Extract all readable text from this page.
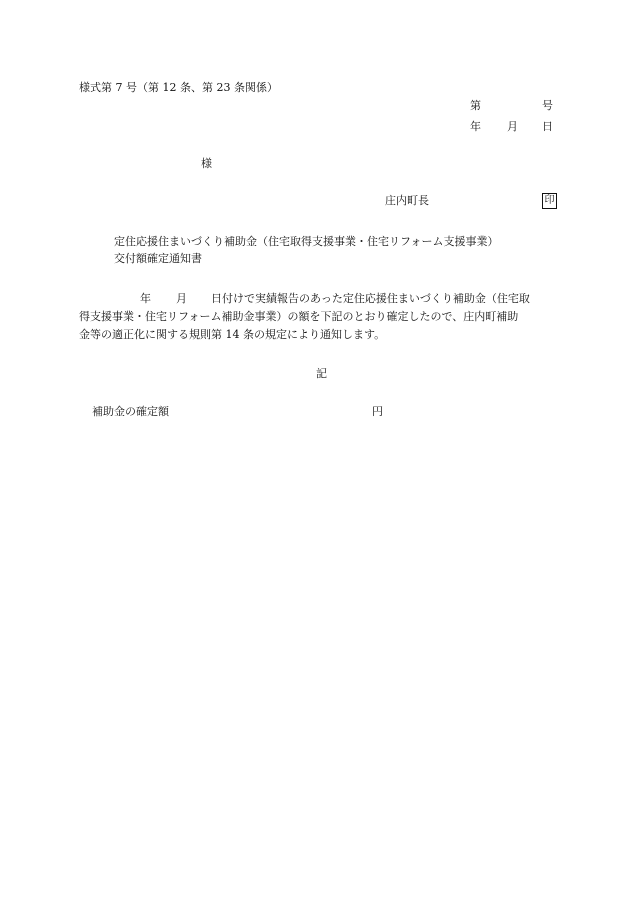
様式第 7 号（第 12 条、第 23 条関係）
第	号
年 月 日
様
庄内町長	印
定住応援住まいづくり補助金（住宅取得支援事業・住宅リフォーム支援事業）
交付額確定通知書
年 月 日付けで実績報告のあった定住応援住まいづくり補助金（住宅取
得支援事業・住宅リフォーム補助金事業）の額を下記のとおり確定したので、庄内町補助
金等の適正化に関する規則第 14 条の規定により通知します。
記
補助金の確定額	円
